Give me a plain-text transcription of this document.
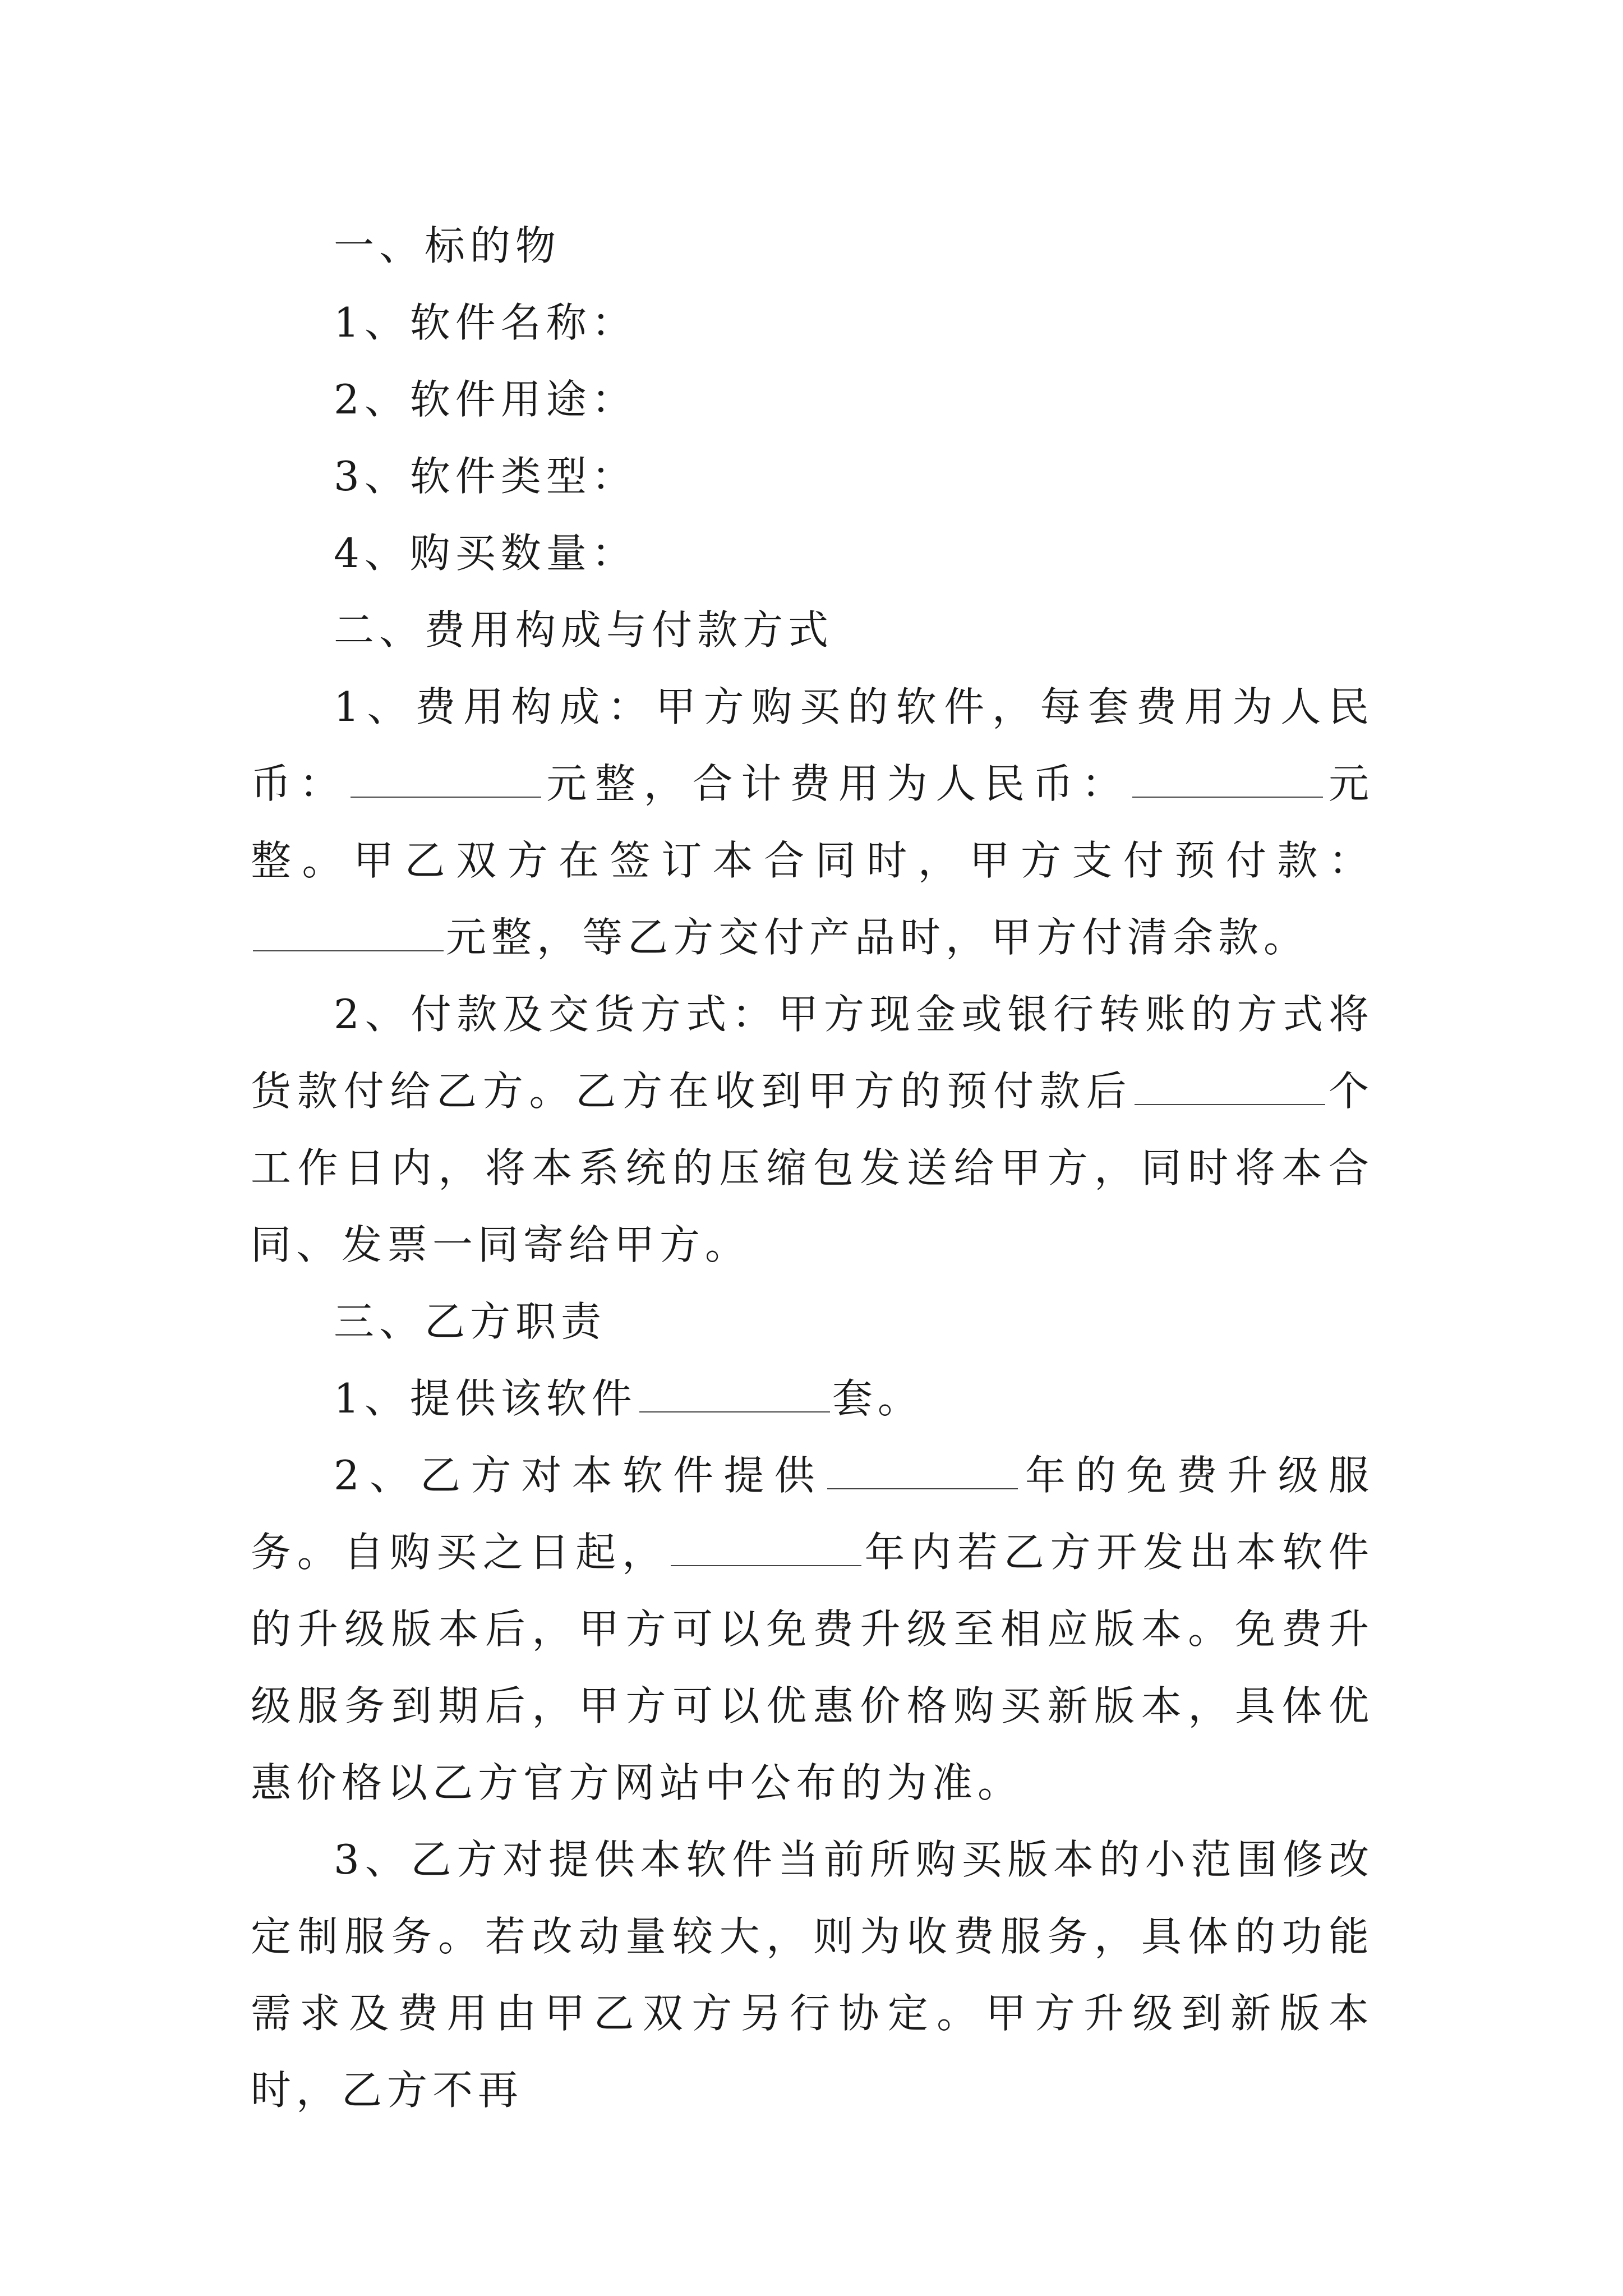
一、标的物

1、软件名称：

2、软件用途：

3、软件类型：

4、购买数量：

二、费用构成与付款方式

1、费用构成：甲方购买的软件，每套费用为人民币：	元整，合计费用为人民币：	元整。甲乙双方在签订本合同时，甲方支付预付款：元整，等乙方交付产品时，甲方付清余款。

2、付款及交货方式：甲方现金或银行转账的方式将货款付给乙方。乙方在收到甲方的预付款后	个工作日内，将本系统的压缩包发送给甲方，同时将本合同、发票一同寄给甲方。

三、乙方职责

1、提供该软件	套。

2、乙方对本软件提供	年的免费升级服务。自购买之日起，	年内若乙方开发出本软件的升级版本后，甲方可以免费升级至相应版本。免费升级服务到期后，甲方可以优惠价格购买新版本，具体优惠价格以乙方官方网站中公布的为准。

3、乙方对提供本软件当前所购买版本的小范围修改定制服务。若改动量较大，则为收费服务，具体的功能需求及费用由甲乙双方另行协定。甲方升级到新版本时，乙方不再
